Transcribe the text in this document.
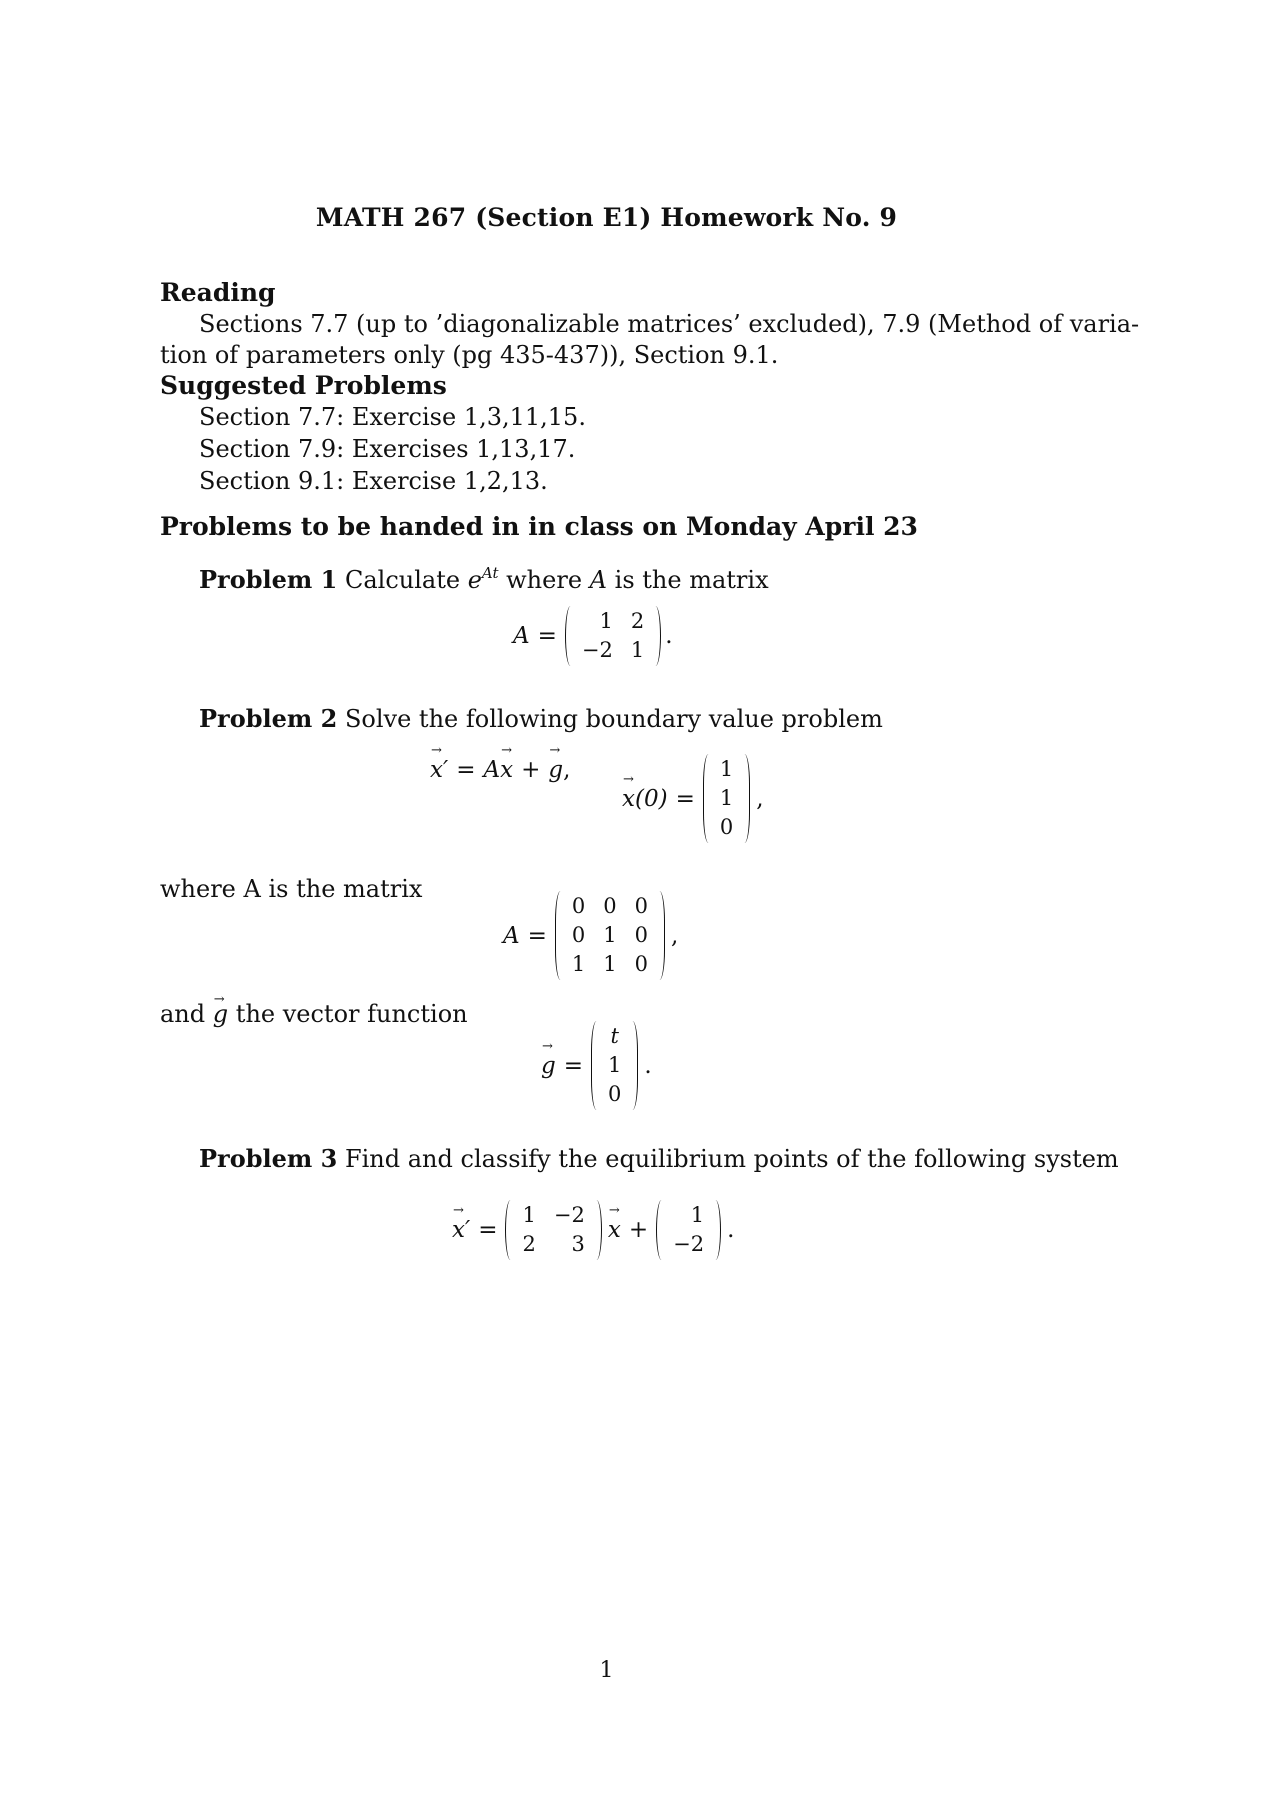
MATH 267 (Section E1) Homework No. 9
Reading
Sections 7.7 (up to ’diagonalizable matrices’ excluded), 7.9 (Method of varia-
tion of parameters only (pg 435-437)), Section 9.1.
Suggested Problems
Section 7.7: Exercise 1,3,11,15.
Section 7.9: Exercises 1,13,17.
Section 9.1: Exercise 1,2,13.
Problems to be handed in in class on Monday April 23
Problem 1 Calculate $e^{At}$ where A is the matrix
A =
1 2
−2 1
.
Problem 2 Solve the following boundary value problem
→ x′ = A → x + → g ,
→ x(0) =
1
1
0
,
where A is the matrix
A =
0 0 0
0 1 0
1 1 0
,
and → g the vector function
→ g =
t
1
0
.
Problem 3 Find and classify the equilibrium points of the following system
→ x′ =
1 −2
2	3
→ x +
1
−2
.
1
